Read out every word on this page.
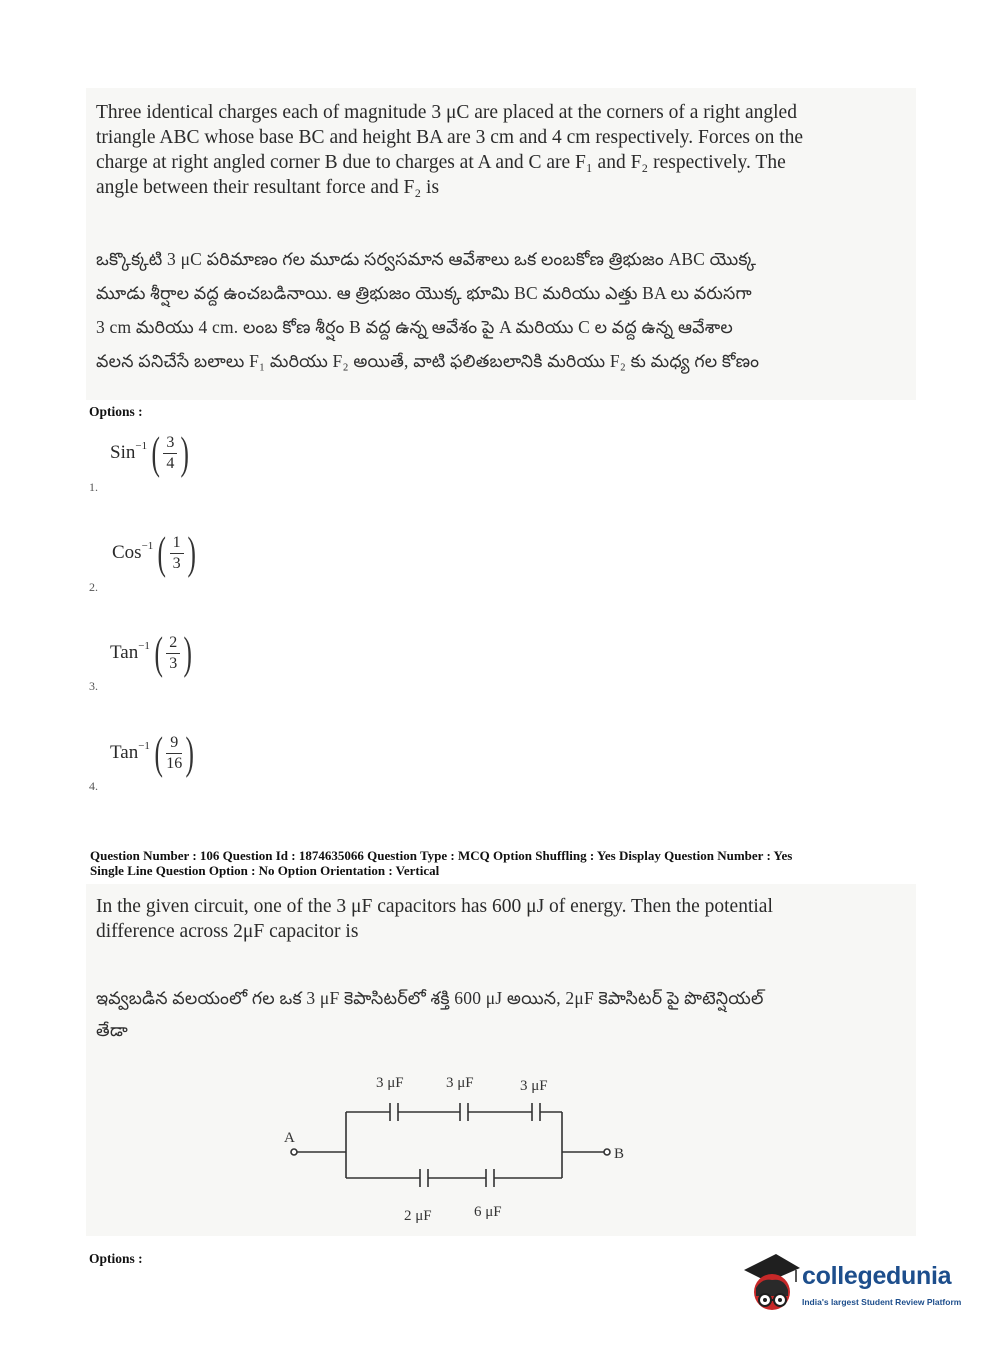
Three identical charges each of magnitude 3 μC are placed at the corners of a right angled
triangle ABC whose base BC and height BA are 3 cm and 4 cm respectively. Forces on the
charge at right angled corner B due to charges at A and C are F₁ and F₂ respectively. The
angle between their resultant force and F₂ is
ఒక్కొక్కటి 3 μC పరిమాణం గల మూడు సర్వసమాన ఆవేశాలు ఒక లంబకోణ త్రిభుజం ABC యొక్క
మూడు శీర్షాల వద్ద ఉంచబడినాయి. ఆ త్రిభుజం యొక్క భూమి BC మరియు ఎత్తు BA లు వరుసగా
3 cm మరియు 4 cm. లంబ కోణ శీర్షం B వద్ద ఉన్న ఆవేశం పై A మరియు C ల వద్ద ఉన్న ఆవేశాల
వలన పనిచేసే బలాలు F₁ మరియు F₂ అయితే, వాటి ఫలితబలానికి మరియు F₂ కు మధ్య గల కోణం
Options :
Sin$^{-1}$ ( $\frac{3}{4}$ )
1.
Cos$^{-1}$ ( $\frac{1}{3}$ )
2.
Tan$^{-1}$ ( $\frac{2}{3}$ )
3.
Tan$^{-1}$ ( $\frac{9}{16}$ )
4.
Question Number : 106 Question Id : 1874635066 Question Type : MCQ Option Shuffling : Yes Display Question Number : Yes
Single Line Question Option : No Option Orientation : Vertical
In the given circuit, one of the 3 μF capacitors has 600 μJ of energy. Then the potential
difference across 2μF capacitor is
ఇవ్వబడిన వలయంలో గల ఒక 3 μF కెపాసిటర్‌లో శక్తి 600 μJ అయిన, 2μF కెపాసిటర్ పై పొటెన్షియల్
తేడా
3 μF	3 μF	3 μF
2 μF	6 μF
A
B
Options :
collegedunia
India's largest Student Review Platform
